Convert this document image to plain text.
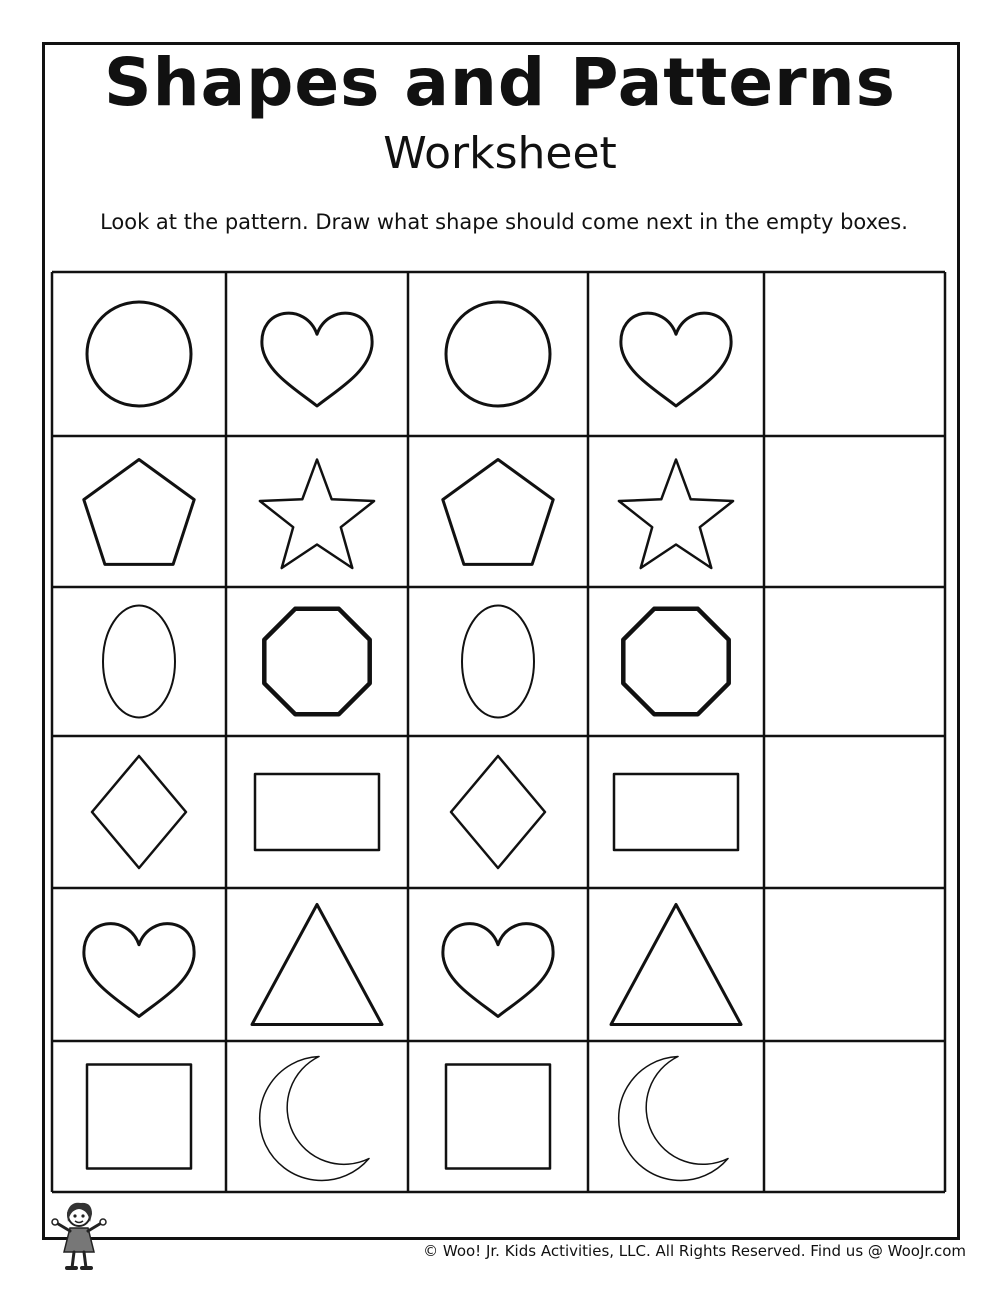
Shapes and Patterns
Worksheet
Look at the pattern. Draw what shape should come next in the empty boxes.
© Woo! Jr. Kids Activities, LLC. All Rights Reserved. Find us @ WooJr.com
